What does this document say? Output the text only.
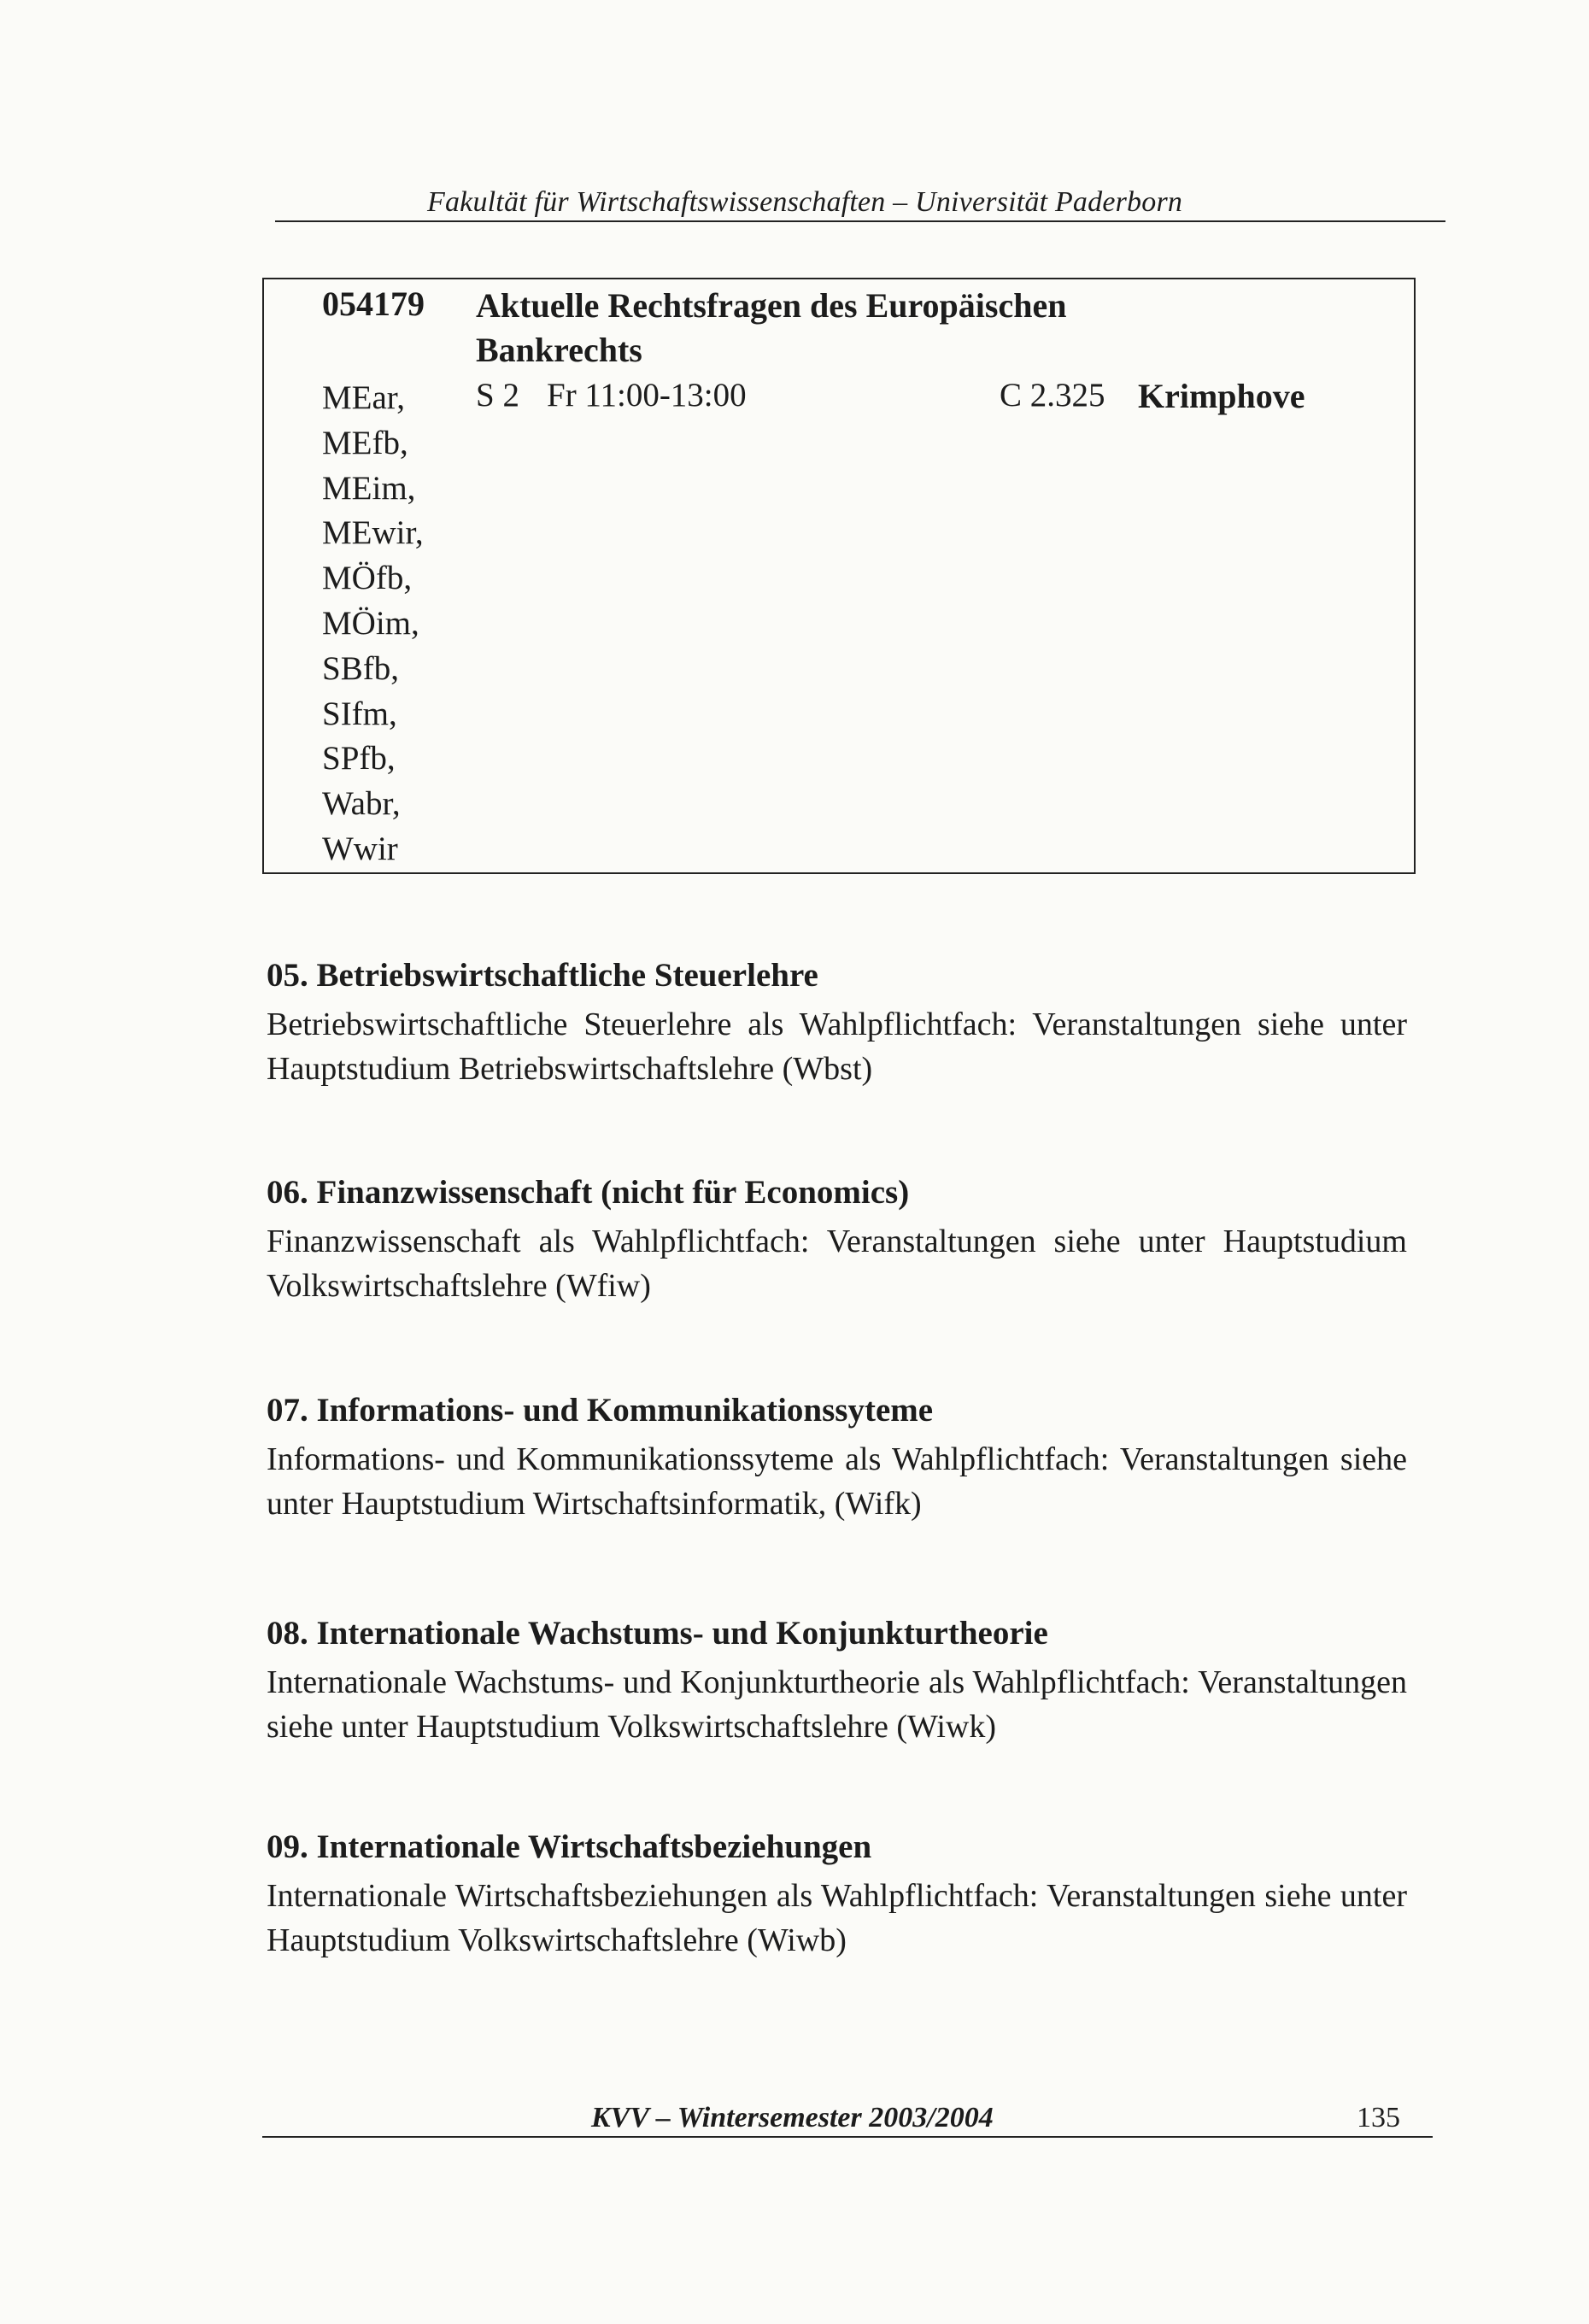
Fakultät für Wirtschaftswissenschaften – Universität Paderborn
054179 Aktuelle Rechtsfragen des Europäischen Bankrechts
MEar,
MEfb,
MEim,
MEwir,
MÖfb,
MÖim,
SBfb,
SIfm,
SPfb,
Wabr,
Wwir
S 2 Fr 11:00-13:00	C 2.325 Krimphove
05. Betriebswirtschaftliche Steuerlehre

Betriebswirtschaftliche Steuerlehre als Wahlpflichtfach: Veranstaltungen siehe unter Hauptstudium Betriebswirtschaftslehre (Wbst)

06. Finanzwissenschaft (nicht für Economics)

Finanzwissenschaft als Wahlpflichtfach: Veranstaltungen siehe unter Hauptstudium Volkswirtschaftslehre (Wfiw)

07. Informations- und Kommunikationssyteme

Informations- und Kommunikationssyteme als Wahlpflichtfach: Veranstaltungen siehe unter Hauptstudium Wirtschaftsinformatik, (Wifk)

08. Internationale Wachstums- und Konjunkturtheorie

Internationale Wachstums- und Konjunkturtheorie als Wahlpflichtfach: Veranstaltungen siehe unter Hauptstudium Volkswirtschaftslehre (Wiwk)

09. Internationale Wirtschaftsbeziehungen

Internationale Wirtschaftsbeziehungen als Wahlpflichtfach: Veranstaltungen siehe unter Hauptstudium Volkswirtschaftslehre (Wiwb)

KVV – Wintersemester 2003/2004	135
